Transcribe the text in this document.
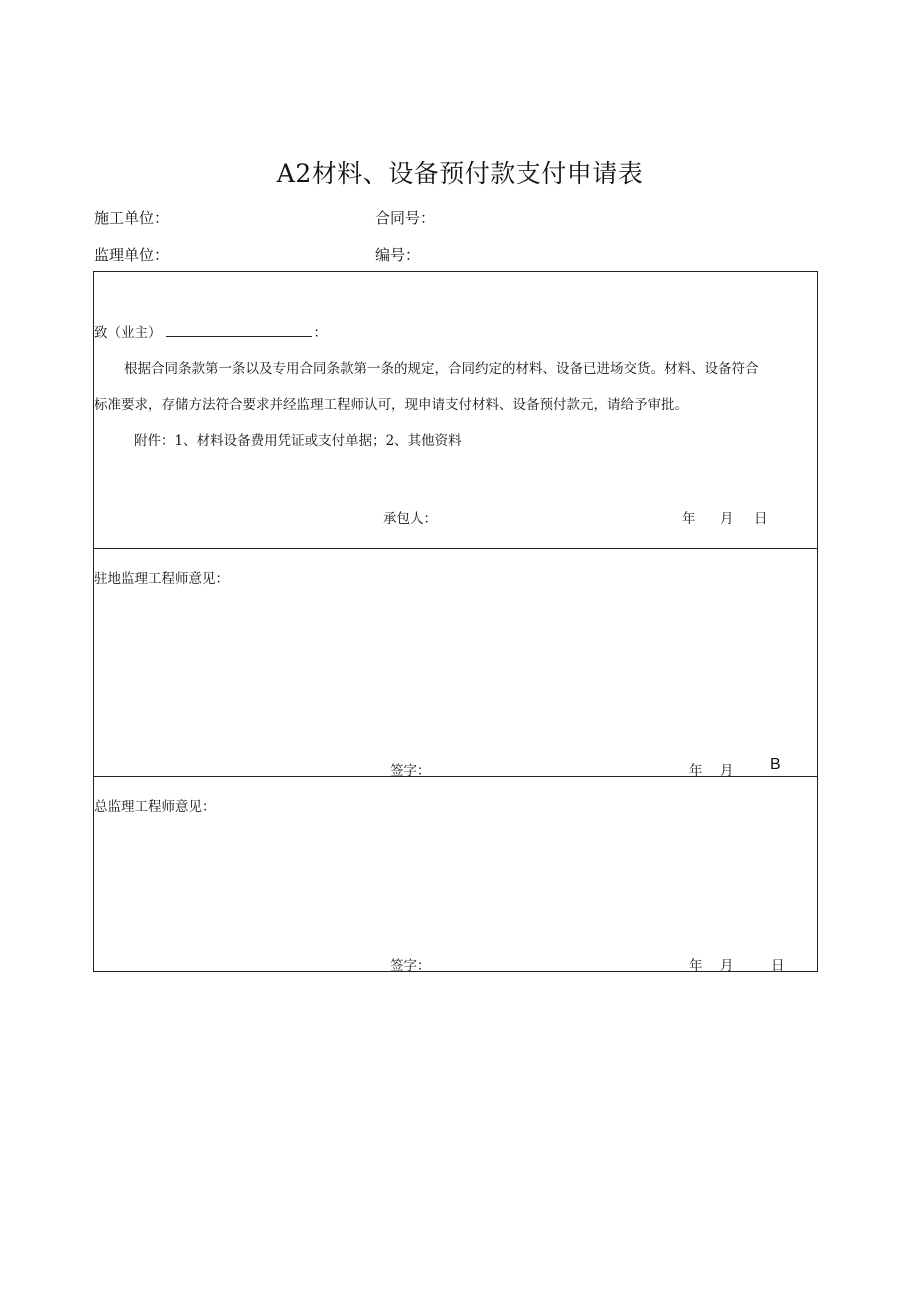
A2材料、设备预付款支付申请表
施工单位：	合同号：
监理单位：	编号：
致（业主）	：
根据合同条款第一条以及专用合同条款第一条的规定，合同约定的材料、设备已进场交货。材料、设备符合
标准要求，存储方法符合要求并经监理工程师认可，现申请支付材料、设备预付款元，请给予审批。
附件：1、材料设备费用凭证或支付单据；2、其他资料
承包人：	年 月 日
驻地监理工程师意见：
签字：	年 月 B
总监理工程师意见：
签字：	年 月	日
